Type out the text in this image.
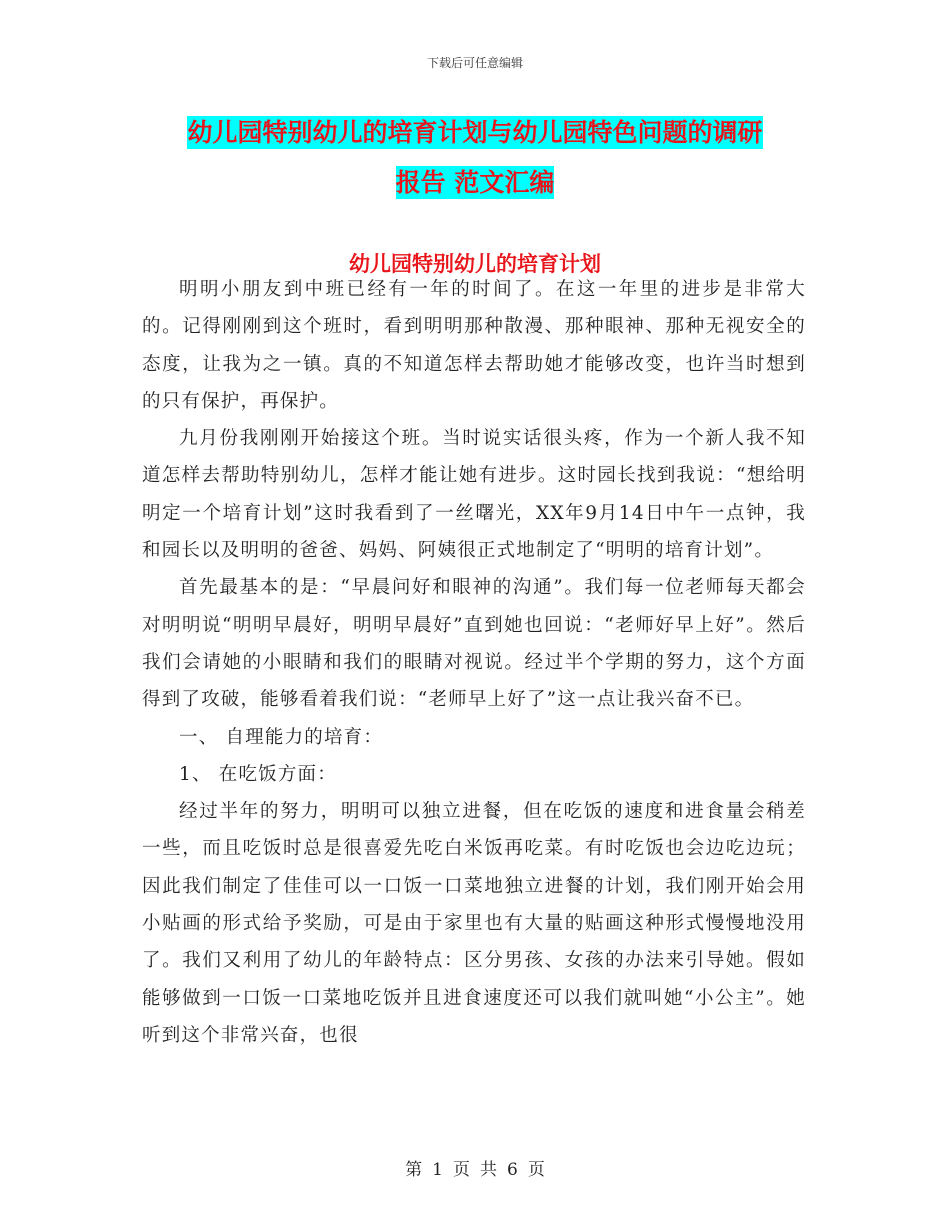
下载后可任意编辑
幼儿园特别幼儿的培育计划与幼儿园特色问题的调研
报告 范文汇编
幼儿园特别幼儿的培育计划

明明小朋友到中班已经有一年的时间了。在这一年里的进步是非常大的。记得刚刚到这个班时，看到明明那种散漫、那种眼神、那种无视安全的态度，让我为之一镇。真的不知道怎样去帮助她才能够改变，也许当时想到的只有保护，再保护。

九月份我刚刚开始接这个班。当时说实话很头疼，作为一个新人我不知道怎样去帮助特别幼儿，怎样才能让她有进步。这时园长找到我说：“想给明明定一个培育计划”这时我看到了一丝曙光，XX年9月14日中午一点钟，我和园长以及明明的爸爸、妈妈、阿姨很正式地制定了“明明的培育计划”。

首先最基本的是：“早晨问好和眼神的沟通”。我们每一位老师每天都会对明明说“明明早晨好，明明早晨好”直到她也回说：“老师好早上好”。然后我们会请她的小眼睛和我们的眼睛对视说。经过半个学期的努力，这个方面得到了攻破，能够看着我们说：“老师早上好了”这一点让我兴奋不已。

一、 自理能力的培育：

1、 在吃饭方面：

经过半年的努力，明明可以独立进餐，但在吃饭的速度和进食量会稍差一些，而且吃饭时总是很喜爱先吃白米饭再吃菜。有时吃饭也会边吃边玩；因此我们制定了佳佳可以一口饭一口菜地独立进餐的计划，我们刚开始会用小贴画的形式给予奖励，可是由于家里也有大量的贴画这种形式慢慢地没用了。我们又利用了幼儿的年龄特点：区分男孩、女孩的办法来引导她。假如能够做到一口饭一口菜地吃饭并且进食速度还可以我们就叫她“小公主”。她听到这个非常兴奋，也很

第 1 页 共 6 页
